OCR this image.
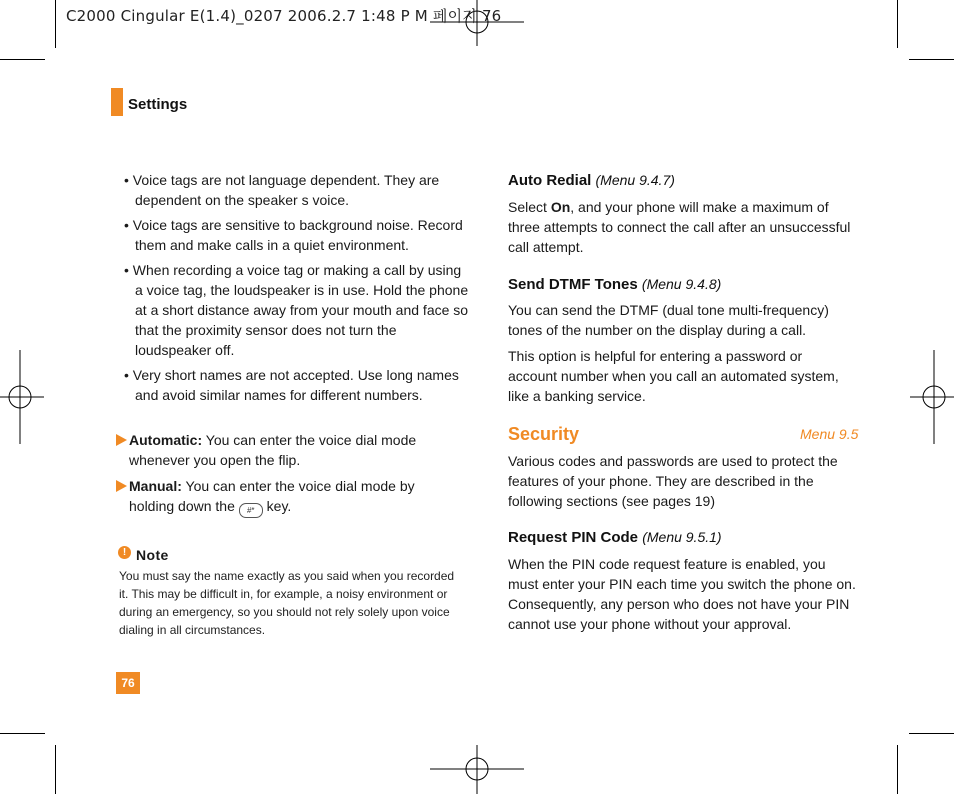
C2000 Cingular E(1.4)_0207 2006.2.7 1:48 P M 페이지 76
Settings
• Voice tags are not language dependent. They are dependent on the speaker s voice.
• Voice tags are sensitive to background noise. Record them and make calls in a quiet environment.
• When recording a voice tag or making a call by using a voice tag, the loudspeaker is in use. Hold the phone at a short distance away from your mouth and face so that the proximity sensor does not turn the loudspeaker off.
• Very short names are not accepted. Use long names and avoid similar names for different numbers.
Automatic: You can enter the voice dial mode whenever you open the flip.
Manual: You can enter the voice dial mode by holding down the #* key.
! Note
You must say the name exactly as you said when you recorded it. This may be difficult in, for example, a noisy environment or during an emergency, so you should not rely solely upon voice dialing in all circumstances.
Auto Redial (Menu 9.4.7)
Select On, and your phone will make a maximum of three attempts to connect the call after an unsuccessful call attempt.
Send DTMF Tones (Menu 9.4.8)
You can send the DTMF (dual tone multi-frequency) tones of the number on the display during a call.
This option is helpful for entering a password or account number when you call an automated system, like a banking service.
Security	Menu 9.5
Various codes and passwords are used to protect the features of your phone. They are described in the following sections (see pages 19)
Request PIN Code (Menu 9.5.1)
When the PIN code request feature is enabled, you must enter your PIN each time you switch the phone on. Consequently, any person who does not have your PIN cannot use your phone without your approval.
76
